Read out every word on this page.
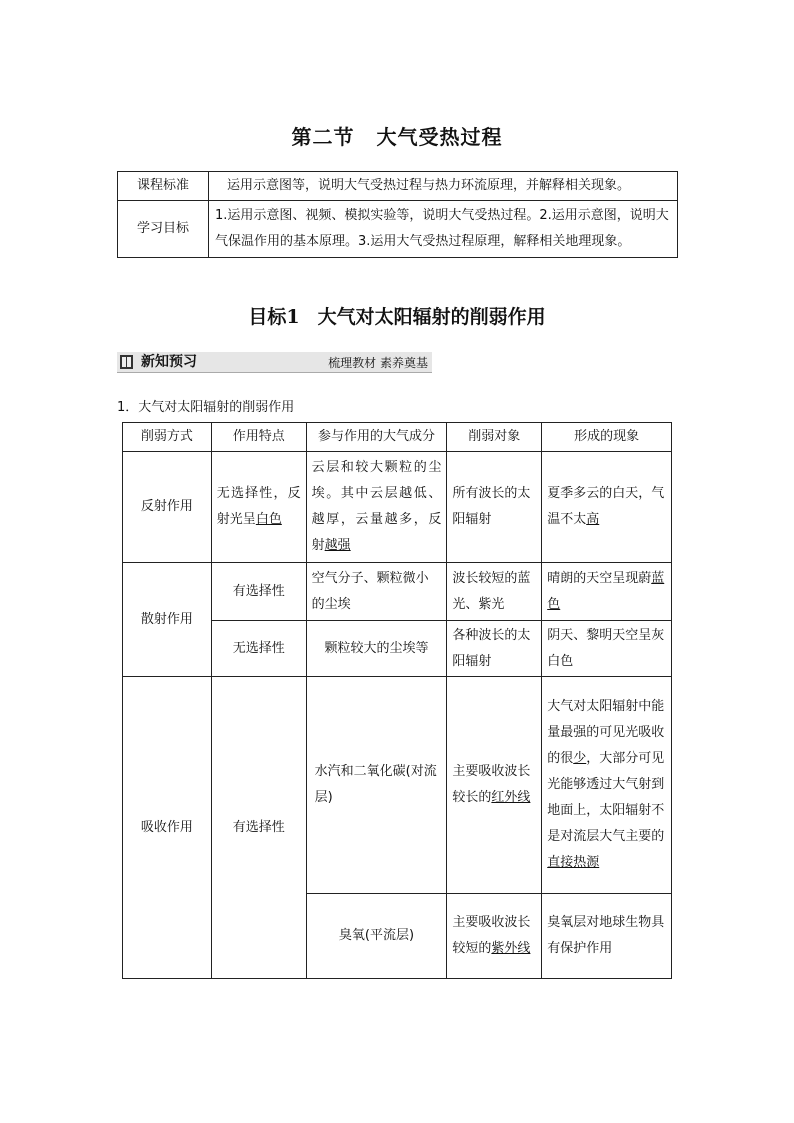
第二节 大气受热过程
课程标准	运用示意图等，说明大气受热过程与热力环流原理，并解释相关现象。
学习目标	1.运用示意图、视频、模拟实验等，说明大气受热过程。2.运用示意图，说明大气保温作用的基本原理。3.运用大气受热过程原理，解释相关地理现象。
目标1 大气对太阳辐射的削弱作用
新知预习	梳理教材 素养奠基
1．大气对太阳辐射的削弱作用
削弱方式	作用特点	参与作用的大气成分	削弱对象	形成的现象
反射作用	无选择性，反射光呈白色	云层和较大颗粒的尘埃。其中云层越低、越厚，云量越多，反射越强	所有波长的太阳辐射	夏季多云的白天，气温不太高
散射作用	有选择性	空气分子、颗粒微小的尘埃	波长较短的蓝光、紫光	晴朗的天空呈现蔚蓝色
	无选择性	颗粒较大的尘埃等	各种波长的太阳辐射	阴天、黎明天空呈灰白色
吸收作用	有选择性	水汽和二氧化碳(对流层)	主要吸收波长较长的红外线	大气对太阳辐射中能量最强的可见光吸收的很少，大部分可见光能够透过大气射到地面上，太阳辐射不是对流层大气主要的直接热源
		臭氧(平流层)	主要吸收波长较短的紫外线	臭氧层对地球生物具有保护作用
